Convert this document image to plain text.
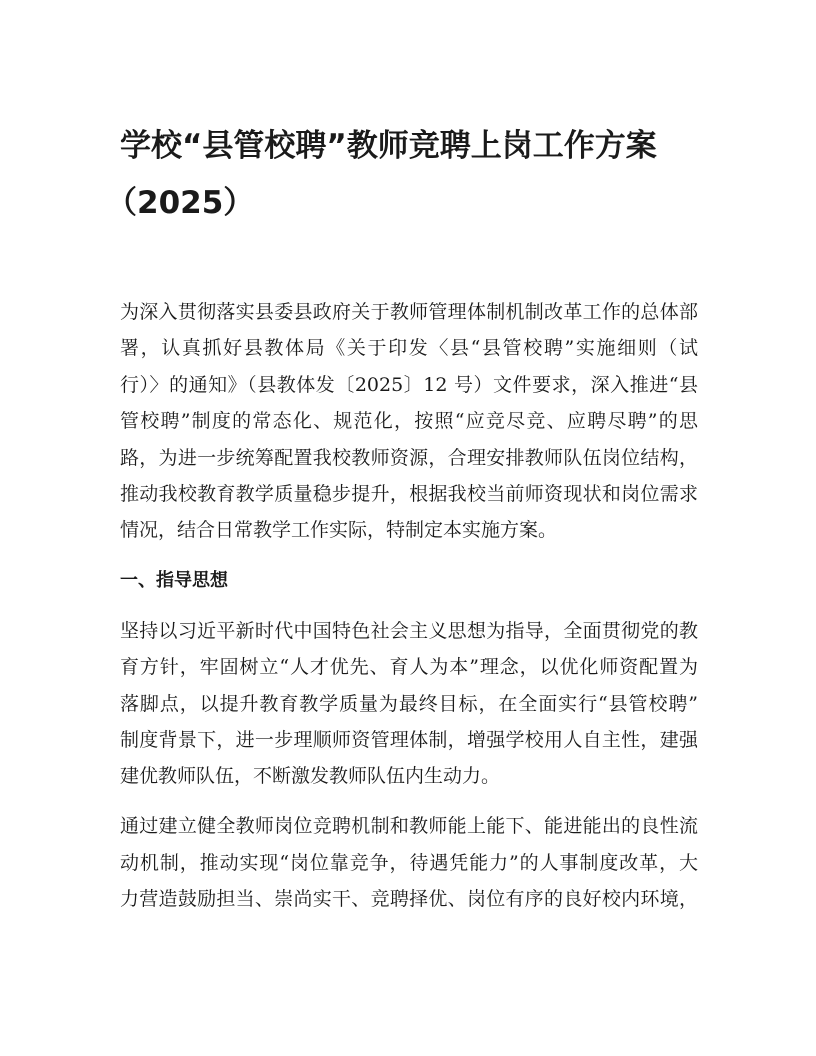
学校“县管校聘”教师竞聘上岗工作方案
（2025）
为深入贯彻落实县委县政府关于教师管理体制机制改革工作的总体部
署，认真抓好县教体局《关于印发〈县“县管校聘”实施细则（试
行）〉的通知》（县教体发〔2025〕12 号）文件要求，深入推进“县
管校聘”制度的常态化、规范化，按照“应竞尽竞、应聘尽聘”的思
路，为进一步统筹配置我校教师资源，合理安排教师队伍岗位结构，
推动我校教育教学质量稳步提升，根据我校当前师资现状和岗位需求
情况，结合日常教学工作实际，特制定本实施方案。
一、指导思想
坚持以习近平新时代中国特色社会主义思想为指导，全面贯彻党的教
育方针，牢固树立“人才优先、育人为本”理念，以优化师资配置为
落脚点，以提升教育教学质量为最终目标，在全面实行“县管校聘”
制度背景下，进一步理顺师资管理体制，增强学校用人自主性，建强
建优教师队伍，不断激发教师队伍内生动力。
通过建立健全教师岗位竞聘机制和教师能上能下、能进能出的良性流
动机制，推动实现“岗位靠竞争，待遇凭能力”的人事制度改革，大
力营造鼓励担当、崇尚实干、竞聘择优、岗位有序的良好校内环境，
